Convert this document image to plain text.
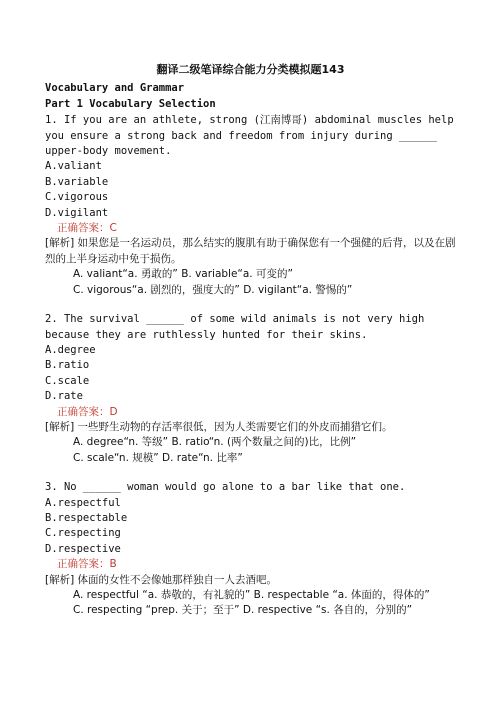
翻译二级笔译综合能力分类模拟题143
Vocabulary and Grammar
Part 1 Vocabulary Selection
1. If you are an athlete, strong (江南博哥) abdominal muscles help you ensure a strong back and freedom from injury during ______ upper-body movement.
A.valiant
B.variable
C.vigorous
D.vigilant
正确答案：C
[解析] 如果您是一名运动员，那么结实的腹肌有助于确保您有一个强健的后背，以及在剧烈的上半身运动中免于损伤。
A. valiant“a. 勇敢的” B. variable“a. 可变的”
C. vigorous“a. 剧烈的，强度大的” D. vigilant“a. 警惕的”
2. The survival ______ of some wild animals is not very high because they are ruthlessly hunted for their skins.
A.degree
B.ratio
C.scale
D.rate
正确答案：D
[解析] 一些野生动物的存活率很低，因为人类需要它们的外皮而捕猎它们。
A. degree“n. 等级” B. ratio“n. (两个数量之间的)比，比例”
C. scale“n. 规模” D. rate“n. 比率”
3. No ______ woman would go alone to a bar like that one.
A.respectful
B.respectable
C.respecting
D.respective
正确答案：B
[解析] 体面的女性不会像她那样独自一人去酒吧。
A. respectful “a. 恭敬的，有礼貌的” B. respectable “a. 体面的，得体的”
C. respecting “prep. 关于；至于” D. respective “s. 各自的，分别的”
